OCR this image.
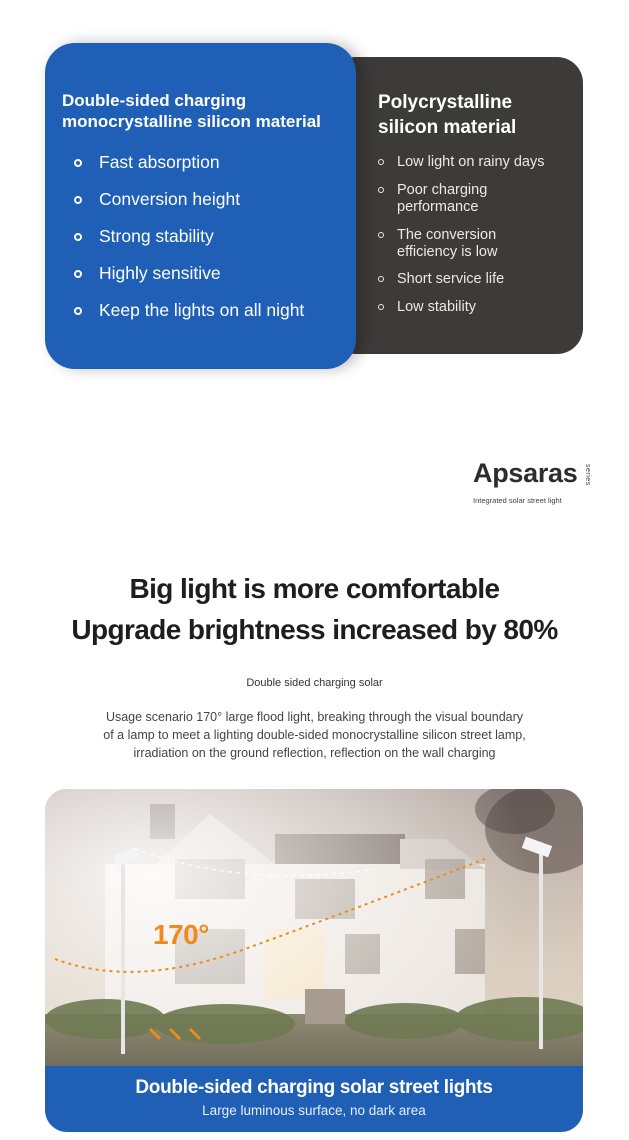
Polycrystalline
silicon material
Low light on rainy days
Poor charging
performance
The conversion
efficiency is low
Short service life
Low stability
Double-sided charging
monocrystalline silicon material
Fast absorption
Conversion height
Strong stability
Highly sensitive
Keep the lights on all night
Apsaras series
Integrated solar street light
Big light is more comfortable
Upgrade brightness increased by 80%
Double sided charging solar
Usage scenario 170° large flood light, breaking through the visual boundary
of a lamp to meet a lighting double-sided monocrystalline silicon street lamp,
irradiation on the ground reflection, reflection on the wall charging
170°
Double-sided charging solar street lights
Large luminous surface, no dark area
